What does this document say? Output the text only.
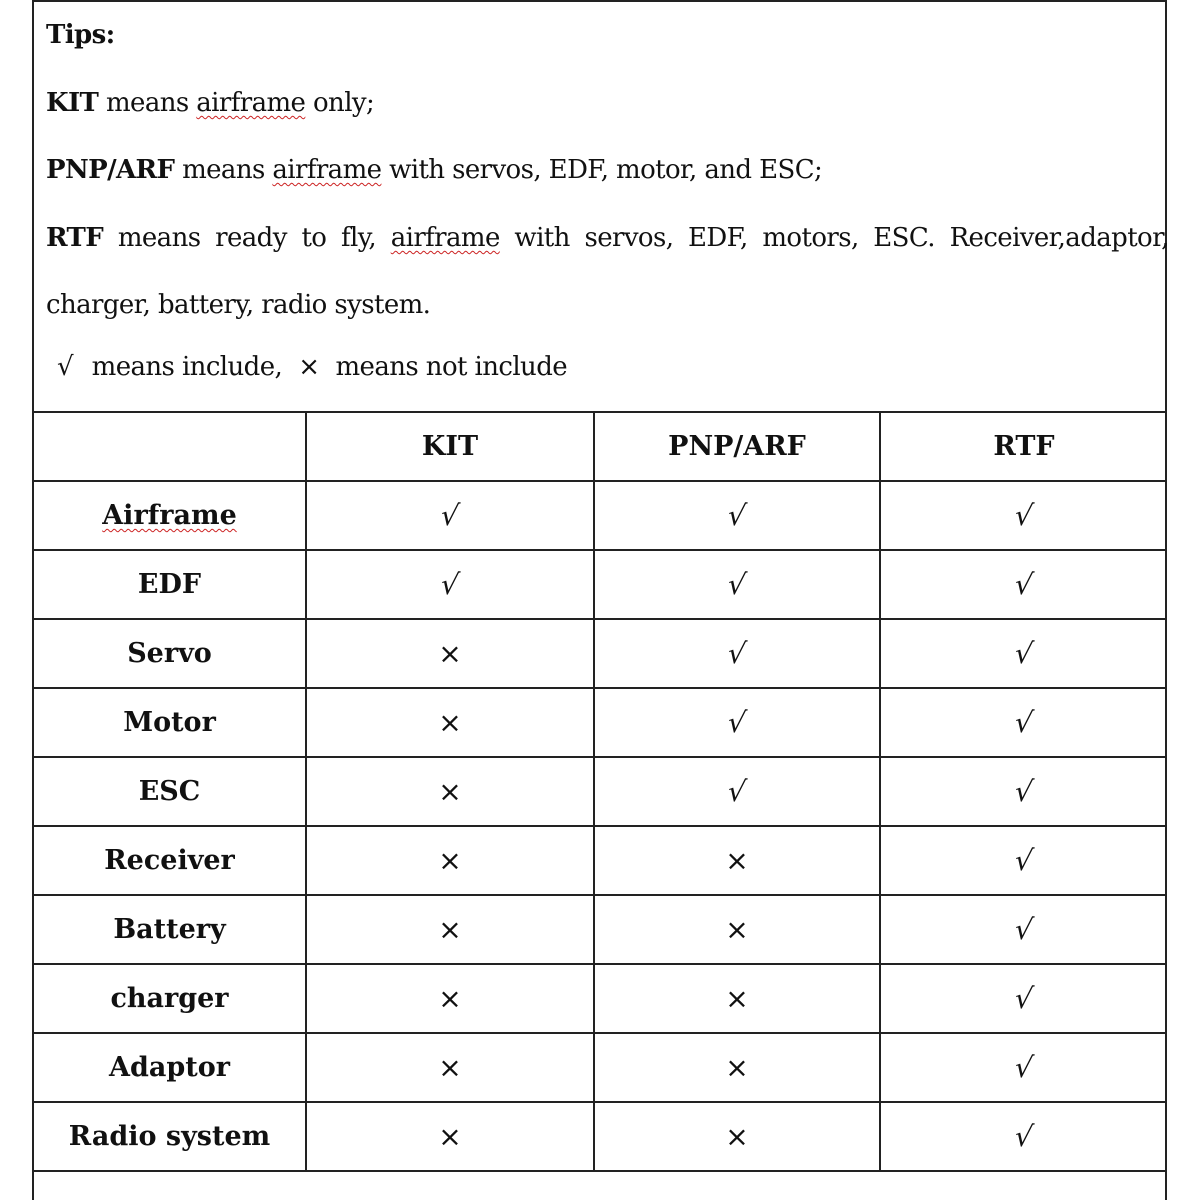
Tips:
KIT means airframe only;
PNP/ARF means airframe with servos, EDF, motor, and ESC;
RTF means ready to fly, airframe with servos, EDF, motors, ESC. Receiver,adaptor,
charger, battery, radio system.
√ means include, × means not include
	KIT	PNP/ARF	RTF
Airframe	√	√	√
EDF	√	√	√
Servo	×	√	√
Motor	×	√	√
ESC	×	√	√
Receiver	×	×	√
Battery	×	×	√
charger	×	×	√
Adaptor	×	×	√
Radio system	×	×	√
